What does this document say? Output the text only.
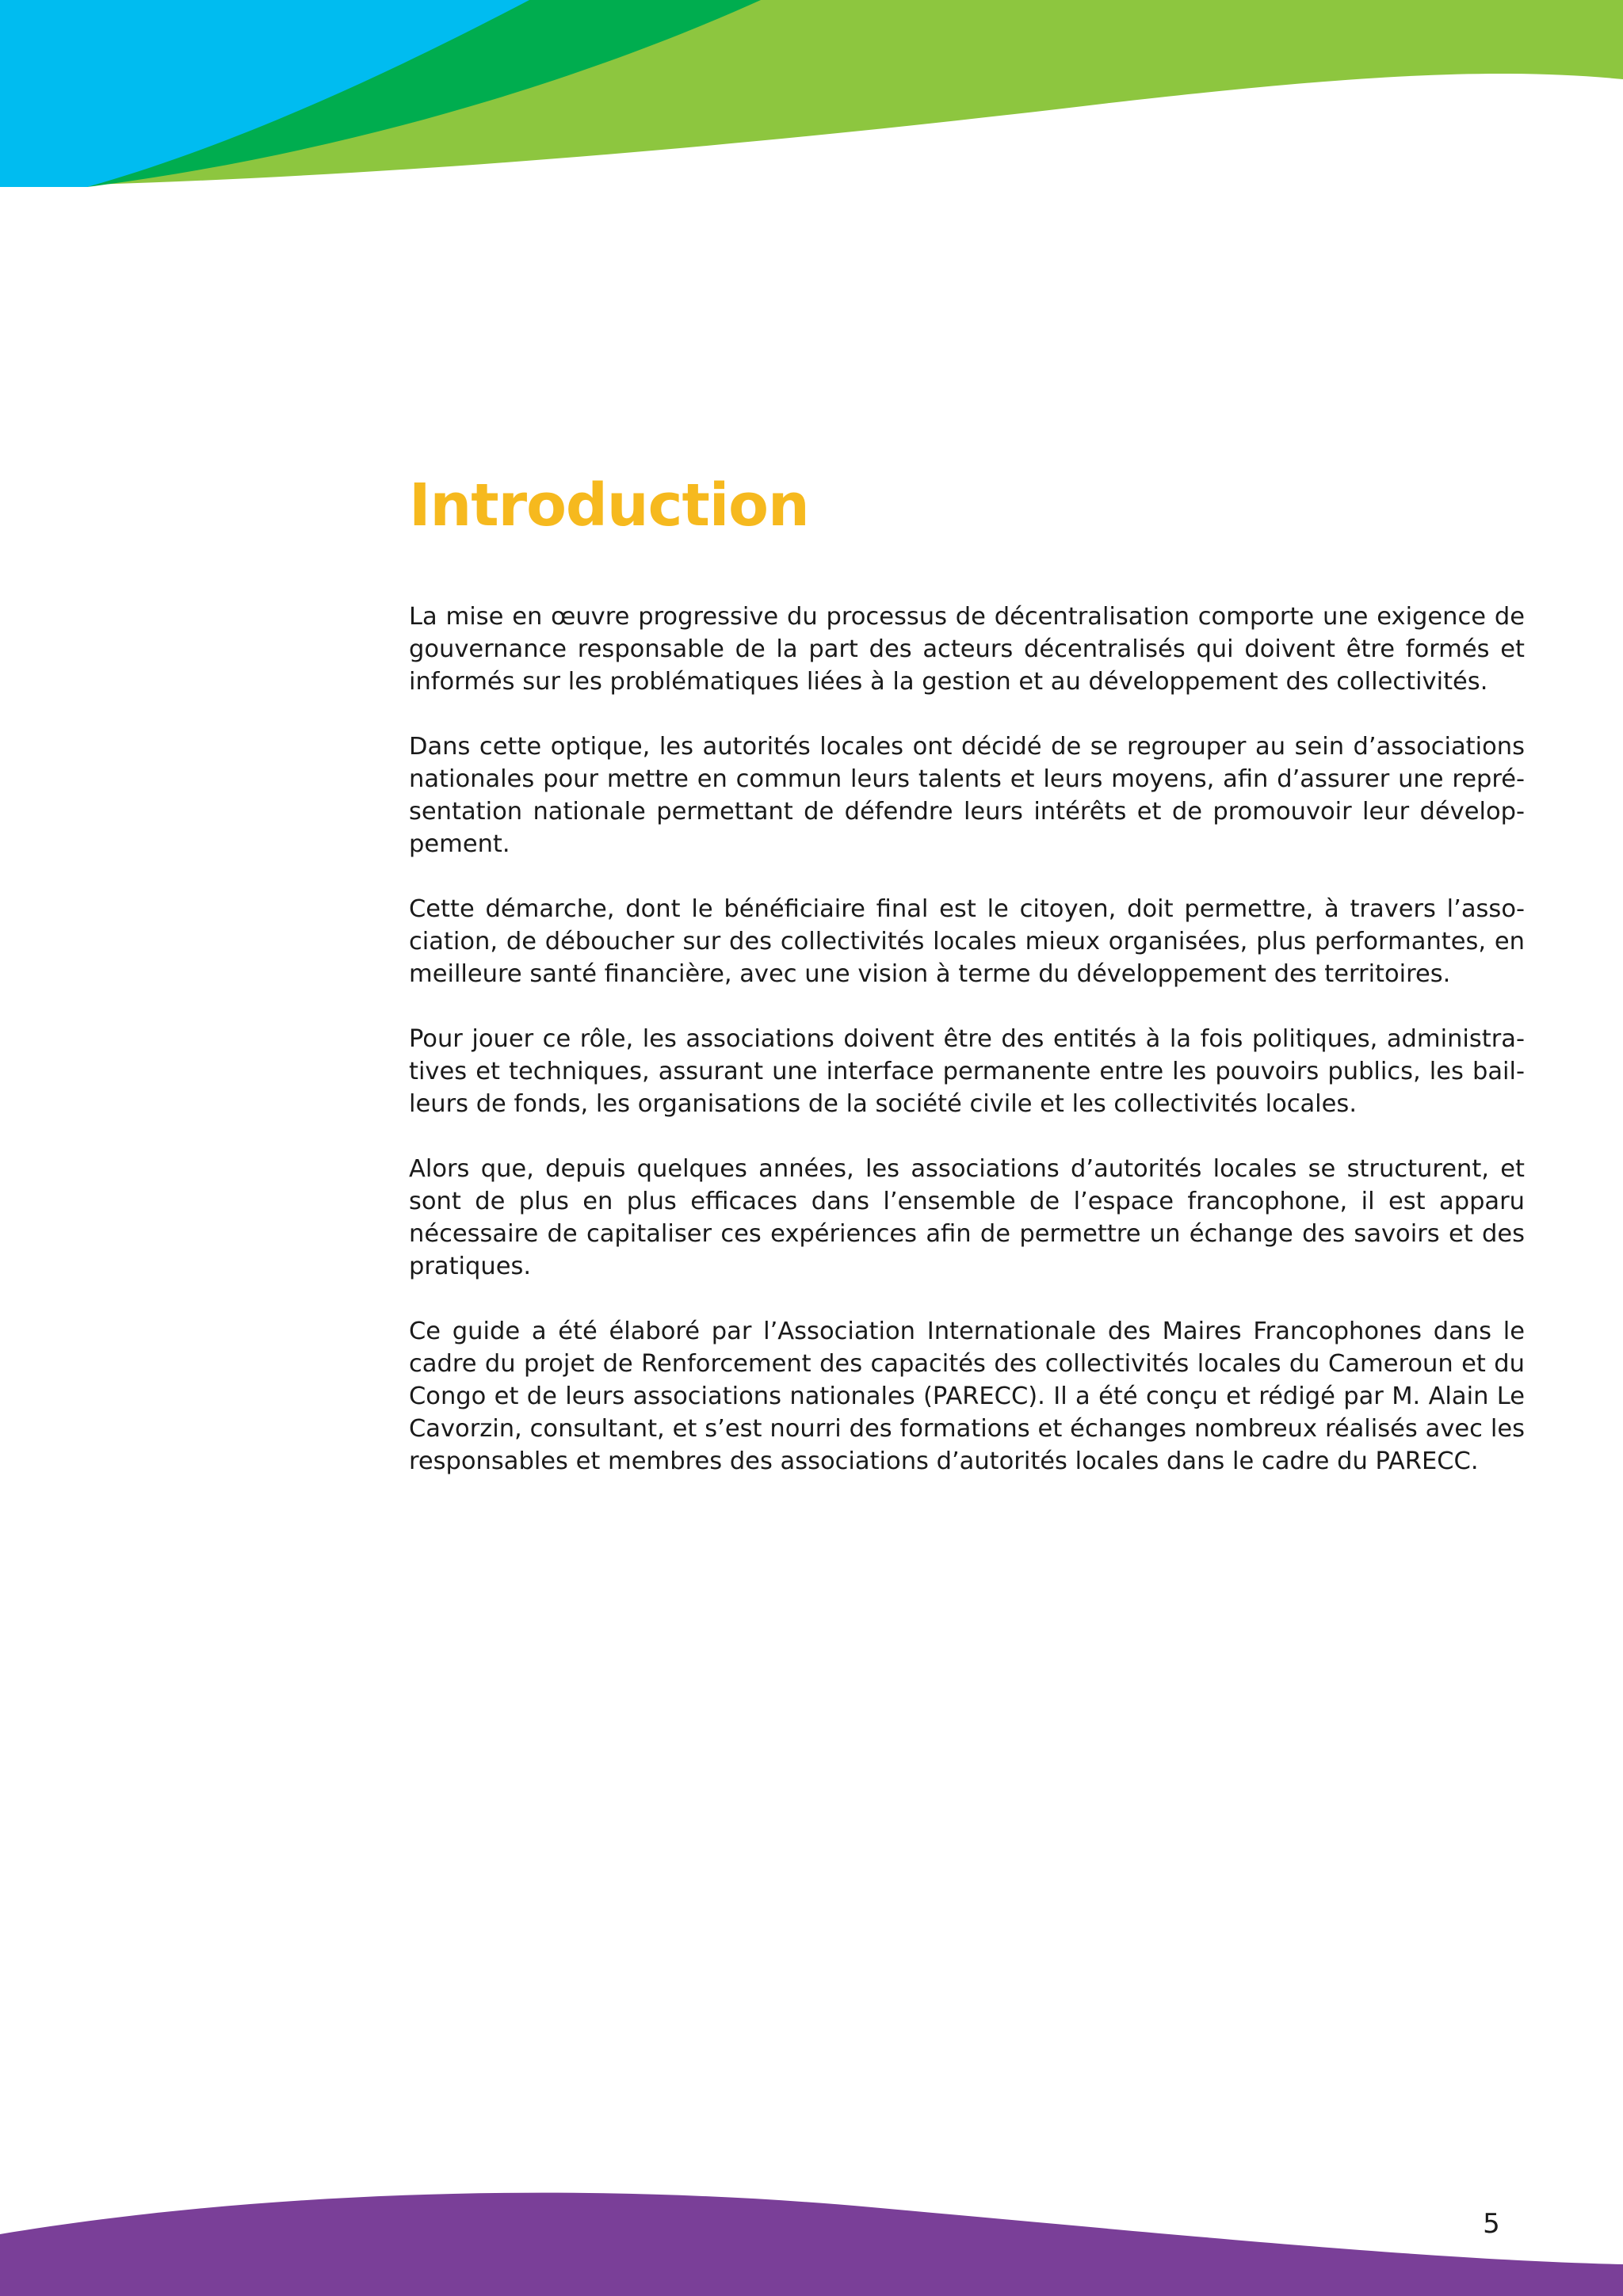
Introduction

La mise en œuvre progressive du processus de décentralisation comporte une exigence de gouvernance responsable de la part des acteurs décentralisés qui doivent être formés et informés sur les problématiques liées à la gestion et au développement des collectivités.

Dans cette optique, les autorités locales ont décidé de se regrouper au sein d’associations nationales pour mettre en commun leurs talents et leurs moyens, afin d’assurer une représentation nationale permettant de défendre leurs intérêts et de promouvoir leur développement.

Cette démarche, dont le bénéficiaire final est le citoyen, doit permettre, à travers l’association, de déboucher sur des collectivités locales mieux organisées, plus performantes, en meilleure santé financière, avec une vision à terme du développement des territoires.

Pour jouer ce rôle, les associations doivent être des entités à la fois politiques, administratives et techniques, assurant une interface permanente entre les pouvoirs publics, les bailleurs de fonds, les organisations de la société civile et les collectivités locales.

Alors que, depuis quelques années, les associations d’autorités locales se structurent, et sont de plus en plus efficaces dans l’ensemble de l’espace francophone, il est apparu nécessaire de capitaliser ces expériences afin de permettre un échange des savoirs et des pratiques.

Ce guide a été élaboré par l’Association Internationale des Maires Francophones dans le cadre du projet de Renforcement des capacités des collectivités locales du Cameroun et du Congo et de leurs associations nationales (PARECC). Il a été conçu et rédigé par M. Alain Le Cavorzin, consultant, et s’est nourri des formations et échanges nombreux réalisés avec les responsables et membres des associations d’autorités locales dans le cadre du PARECC.

5
